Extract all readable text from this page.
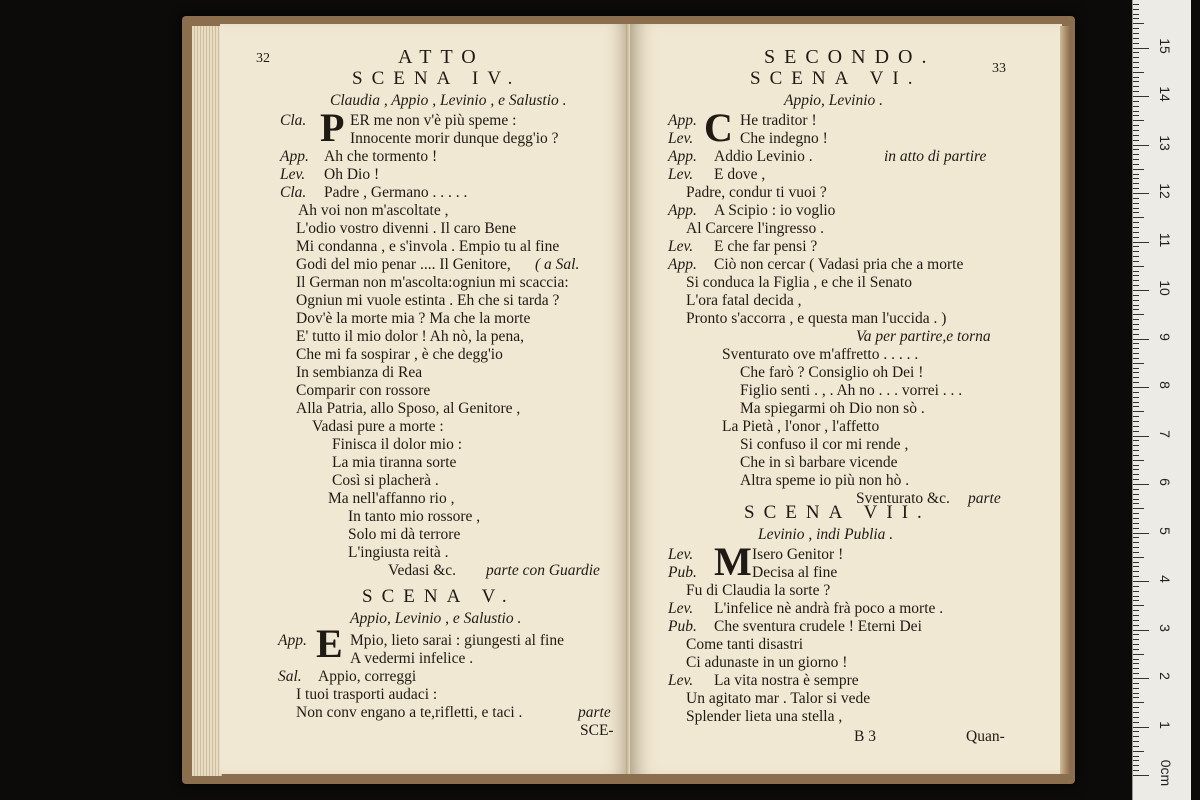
32	ATTO
SCENA IV.
Claudia , Appio , Levinio , e Salustio .
P
Cla.	ER me non v'è più speme :
Innocente morir dunque degg'io ?
App. Ah che tormento !
Lev. Oh Dio !
Cla. Padre , Germano . . . . .
Ah voi non m'ascoltate ,
L'odio vostro divenni . Il caro Bene
Mi condanna , e s'invola . Empio tu al fine
Godi del mio penar .... Il Genitore, ( a Sal.
Il German non m'ascolta:ogniun mi scaccia:
Ogniun mi vuole estinta . Eh che si tarda ?
Dov'è la morte mia ? Ma che la morte
E' tutto il mio dolor ! Ah nò, la pena,
Che mi fa sospirar , è che degg'io
In sembianza di Rea
Comparir con rossore
Alla Patria, allo Sposo, al Genitore ,
Vadasi pure a morte :
Finisca il dolor mio :
La mia tiranna sorte
Così si placherà .
Ma nell'affanno rio ,
In tanto mio rossore ,
Solo mi dà terrore
L'ingiusta reità .
Vedasi &c. parte con Guardie
SCENA V.
Appio, Levinio , e Salustio .
E
App.	Mpio, lieto sarai : giungesti al fine
A vedermi infelice .
Sal. Appio, correggi
I tuoi trasporti audaci :
Non conv engano a te,rifletti, e taci .	parte
SCE-
SECONDO.
33
SCENA VI.
Appio, Levinio .
C
App.	He traditor !
Lev.	Che indegno !
App. Addio Levinio .	in atto di partire
Lev. E dove ,
Padre, condur ti vuoi ?
App. A Scipio : io voglio
Al Carcere l'ingresso .
Lev. E che far pensi ?
App. Ciò non cercar ( Vadasi pria che a morte
Si conduca la Figlia , e che il Senato
L'ora fatal decida ,
Pronto s'accorra , e questa man l'uccida . )
Va per partire,e torna
Sventurato ove m'affretto . . . . .
Che farò ? Consiglio oh Dei !
Figlio senti . , . Ah no . . . vorrei . . .
Ma spiegarmi oh Dio non sò .
La Pietà , l'onor , l'affetto
Si confuso il cor mi rende ,
Che in sì barbare vicende
Altra speme io più non hò .
Sventurato &c. parte
SCENA VII.
Levinio , indi Publia .
M
Lev.	Isero Genitor !
Pub.	Decisa al fine
Fu di Claudia la sorte ?
Lev. L'infelice nè andrà frà poco a morte .
Pub. Che sventura crudele ! Eterni Dei
Come tanti disastri
Ci adunaste in un giorno !
Lev. La vita nostra è sempre
Un agitato mar . Talor si vede
Splender lieta una stella ,
B 3	Quan-
0cm
1
2
3
4
5
6
7
8
9
10
11
12
13
14
15
